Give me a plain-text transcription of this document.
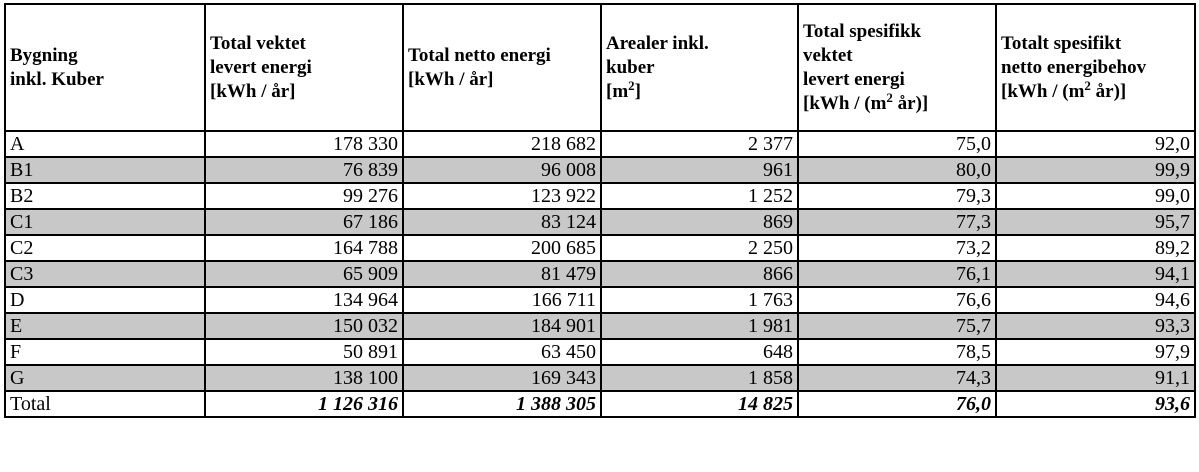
Bygning
inkl. Kuber	Total vektet
levert energi
[kWh / år]	Total netto energi
[kWh / år]	Arealer inkl.
kuber
$[m^2]$	Total spesifikk
vektet
levert energi
[$kWh / (m^2$ år)]	Totalt spesifikt
netto energibehov
[$kWh / (m^2$ år)]

A	178 330	218 682	2 377	75,0	92,0
B1	76 839	96 008	961	80,0	99,9
B2	99 276	123 922	1 252	79,3	99,0
C1	67 186	83 124	869	77,3	95,7
C2	164 788	200 685	2 250	73,2	89,2
C3	65 909	81 479	866	76,1	94,1
D	134 964	166 711	1 763	76,6	94,6
E	150 032	184 901	1 981	75,7	93,3
F	50 891	63 450	648	78,5	97,9
G	138 100	169 343	1 858	74,3	91,1
Total	1 126 316	1 388 305	14 825	76,0	93,6
